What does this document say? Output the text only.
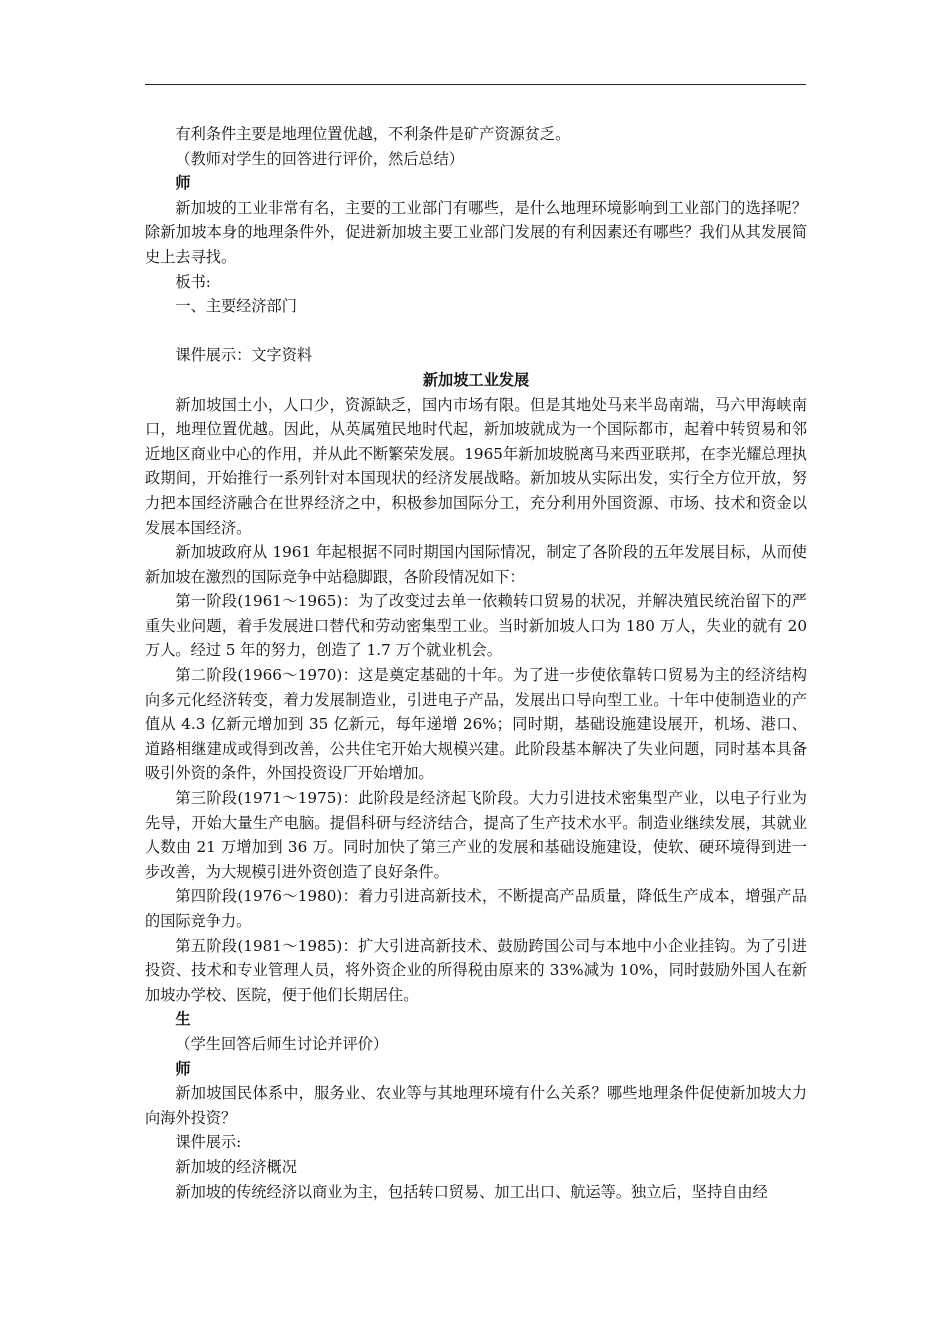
有利条件主要是地理位置优越，不利条件是矿产资源贫乏。

（教师对学生的回答进行评价，然后总结）

师

新加坡的工业非常有名，主要的工业部门有哪些，是什么地理环境影响到工业部门的选择呢？除新加坡本身的地理条件外，促进新加坡主要工业部门发展的有利因素还有哪些？我们从其发展简史上去寻找。

板书:

一、主要经济部门

课件展示：文字资料

新加坡工业发展

新加坡国土小，人口少，资源缺乏，国内市场有限。但是其地处马来半岛南端，马六甲海峡南口，地理位置优越。因此，从英属殖民地时代起，新加坡就成为一个国际都市，起着中转贸易和邻近地区商业中心的作用，并从此不断繁荣发展。1965年新加坡脱离马来西亚联邦，在李光耀总理执政期间，开始推行一系列针对本国现状的经济发展战略。新加坡从实际出发，实行全方位开放，努力把本国经济融合在世界经济之中，积极参加国际分工，充分利用外国资源、市场、技术和资金以发展本国经济。

新加坡政府从 1961 年起根据不同时期国内国际情况，制定了各阶段的五年发展目标，从而使新加坡在激烈的国际竞争中站稳脚跟，各阶段情况如下：

第一阶段(1961～1965)：为了改变过去单一依赖转口贸易的状况，并解决殖民统治留下的严重失业问题，着手发展进口替代和劳动密集型工业。当时新加坡人口为 180 万人，失业的就有 20 万人。经过 5 年的努力，创造了 1.7 万个就业机会。

第二阶段(1966～1970)：这是奠定基础的十年。为了进一步使依靠转口贸易为主的经济结构向多元化经济转变，着力发展制造业，引进电子产品，发展出口导向型工业。十年中使制造业的产值从 4.3 亿新元增加到 35 亿新元，每年递增 26%；同时期，基础设施建设展开，机场、港口、道路相继建成或得到改善，公共住宅开始大规模兴建。此阶段基本解决了失业问题，同时基本具备吸引外资的条件，外国投资设厂开始增加。

第三阶段(1971～1975)：此阶段是经济起飞阶段。大力引进技术密集型产业，以电子行业为先导，开始大量生产电脑。提倡科研与经济结合，提高了生产技术水平。制造业继续发展，其就业人数由 21 万增加到 36 万。同时加快了第三产业的发展和基础设施建设，使软、硬环境得到进一步改善，为大规模引进外资创造了良好条件。

第四阶段(1976～1980)：着力引进高新技术，不断提高产品质量，降低生产成本，增强产品的国际竞争力。

第五阶段(1981～1985)：扩大引进高新技术、鼓励跨国公司与本地中小企业挂钩。为了引进投资、技术和专业管理人员，将外资企业的所得税由原来的 33%减为 10%，同时鼓励外国人在新加坡办学校、医院，便于他们长期居住。

生

（学生回答后师生讨论并评价）

师

新加坡国民体系中，服务业、农业等与其地理环境有什么关系？哪些地理条件促使新加坡大力向海外投资？

课件展示:

新加坡的经济概况

新加坡的传统经济以商业为主，包括转口贸易、加工出口、航运等。独立后，坚持自由经
